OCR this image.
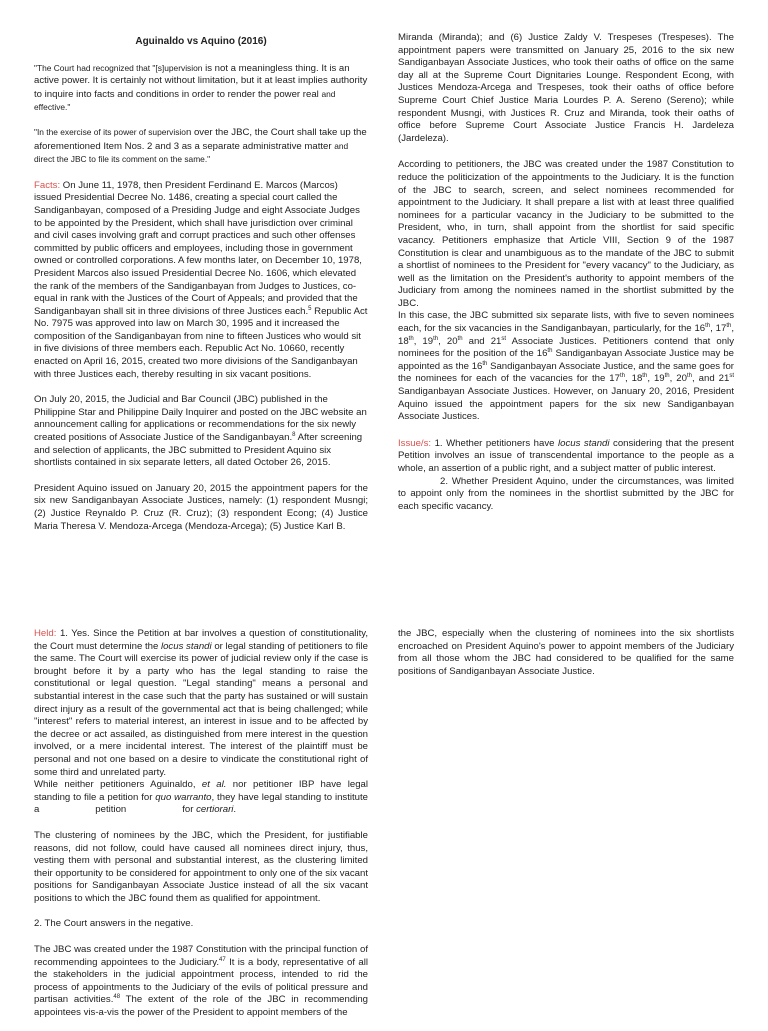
Aguinaldo vs Aquino (2016)

"The Court had recognized that "[s]upervision is not a meaningless thing. It is an active power. It is certainly not without limitation, but it at least implies authority to inquire into facts and conditions in order to render the power real and effective."

"In the exercise of its power of supervision over the JBC, the Court shall take up the aforementioned Item Nos. 2 and 3 as a separate administrative matter and direct the JBC to file its comment on the same."

Facts: On June 11, 1978, then President Ferdinand E. Marcos (Marcos) issued Presidential Decree No. 1486, creating a special court called the Sandiganbayan, composed of a Presiding Judge and eight Associate Judges to be appointed by the President, which shall have jurisdiction over criminal and civil cases involving graft and corrupt practices and such other offenses committed by public officers and employees, including those in government owned or controlled corporations. A few months later, on December 10, 1978, President Marcos also issued Presidential Decree No. 1606, which elevated the rank of the members of the Sandiganbayan from Judges to Justices, co-equal in rank with the Justices of the Court of Appeals; and provided that the Sandiganbayan shall sit in three divisions of three Justices each.$^5$ Republic Act No. 7975 was approved into law on March 30, 1995 and it increased the composition of the Sandiganbayan from nine to fifteen Justices who would sit in five divisions of three members each. Republic Act No. 10660, recently enacted on April 16, 2015, created two more divisions of the Sandiganbayan with three Justices each, thereby resulting in six vacant positions.

On July 20, 2015, the Judicial and Bar Council (JBC) published in the Philippine Star and Philippine Daily Inquirer and posted on the JBC website an announcement calling for applications or recommendations for the six newly created positions of Associate Justice of the Sandiganbayan.$^8$ After screening and selection of applicants, the JBC submitted to President Aquino six shortlists contained in six separate letters, all dated October 26, 2015.

President Aquino issued on January 20, 2015 the appointment papers for the six new Sandiganbayan Associate Justices, namely: (1) respondent Musngi; (2) Justice Reynaldo P. Cruz (R. Cruz); (3) respondent Econg; (4) Justice Maria Theresa V. Mendoza-Arcega (Mendoza-Arcega); (5) Justice Karl B.

Miranda (Miranda); and (6) Justice Zaldy V. Trespeses (Trespeses). The appointment papers were transmitted on January 25, 2016 to the six new Sandiganbayan Associate Justices, who took their oaths of office on the same day all at the Supreme Court Dignitaries Lounge. Respondent Econg, with Justices Mendoza-Arcega and Trespeses, took their oaths of office before Supreme Court Chief Justice Maria Lourdes P. A. Sereno (Sereno); while respondent Musngi, with Justices R. Cruz and Miranda, took their oaths of office before Supreme Court Associate Justice Francis H. Jardeleza (Jardeleza).

According to petitioners, the JBC was created under the 1987 Constitution to reduce the politicization of the appointments to the Judiciary. It is the function of the JBC to search, screen, and select nominees recommended for appointment to the Judiciary. It shall prepare a list with at least three qualified nominees for a particular vacancy in the Judiciary to be submitted to the President, who, in turn, shall appoint from the shortlist for said specific vacancy. Petitioners emphasize that Article VIII, Section 9 of the 1987 Constitution is clear and unambiguous as to the mandate of the JBC to submit a shortlist of nominees to the President for "every vacancy" to the Judiciary, as well as the limitation on the President's authority to appoint members of the Judiciary from among the nominees named in the shortlist submitted by the JBC.

In this case, the JBC submitted six separate lists, with five to seven nominees each, for the six vacancies in the Sandiganbayan, particularly, for the 16th, 17th, 18th, 19th, 20th and 21st Associate Justices. Petitioners contend that only nominees for the position of the 16th Sandiganbayan Associate Justice may be appointed as the 16th Sandiganbayan Associate Justice, and the same goes for the nominees for each of the vacancies for the 17th, 18th, 19th, 20th, and 21st Sandiganbayan Associate Justices. However, on January 20, 2016, President Aquino issued the appointment papers for the six new Sandiganbayan Associate Justices.

Issue/s: 1. Whether petitioners have locus standi considering that the present Petition involves an issue of transcendental importance to the people as a whole, an assertion of a public right, and a subject matter of public interest.

2. Whether President Aquino, under the circumstances, was limited to appoint only from the nominees in the shortlist submitted by the JBC for each specific vacancy.

Held: 1. Yes. Since the Petition at bar involves a question of constitutionality, the Court must determine the locus standi or legal standing of petitioners to file the same. The Court will exercise its power of judicial review only if the case is brought before it by a party who has the legal standing to raise the constitutional or legal question. "Legal standing" means a personal and substantial interest in the case such that the party has sustained or will sustain direct injury as a result of the governmental act that is being challenged; while "interest" refers to material interest, an interest in issue and to be affected by the decree or act assailed, as distinguished from mere interest in the question involved, or a mere incidental interest. The interest of the plaintiff must be personal and not one based on a desire to vindicate the constitutional right of some third and unrelated party.

While neither petitioners Aguinaldo, et al. nor petitioner IBP have legal standing to file a petition for quo warranto, they have legal standing to institute a                     petition                     for certiorari.

The clustering of nominees by the JBC, which the President, for justifiable reasons, did not follow, could have caused all nominees direct injury, thus, vesting them with personal and substantial interest, as the clustering limited their opportunity to be considered for appointment to only one of the six vacant positions for Sandiganbayan Associate Justice instead of all the six vacant positions to which the JBC found them as qualified for appointment.

2. The Court answers in the negative.

The JBC was created under the 1987 Constitution with the principal function of recommending appointees to the Judiciary.$^{47}$ It is a body, representative of all the stakeholders in the judicial appointment process, intended to rid the process of appointments to the Judiciary of the evils of political pressure and partisan activities.$^{48}$ The extent of the role of the JBC in recommending appointees vis-a-vis the power of the President to appoint members of the

the JBC, especially when the clustering of nominees into the six shortlists encroached on President Aquino's power to appoint members of the Judiciary from all those whom the JBC had considered to be qualified for the same positions of Sandiganbayan Associate Justice.
